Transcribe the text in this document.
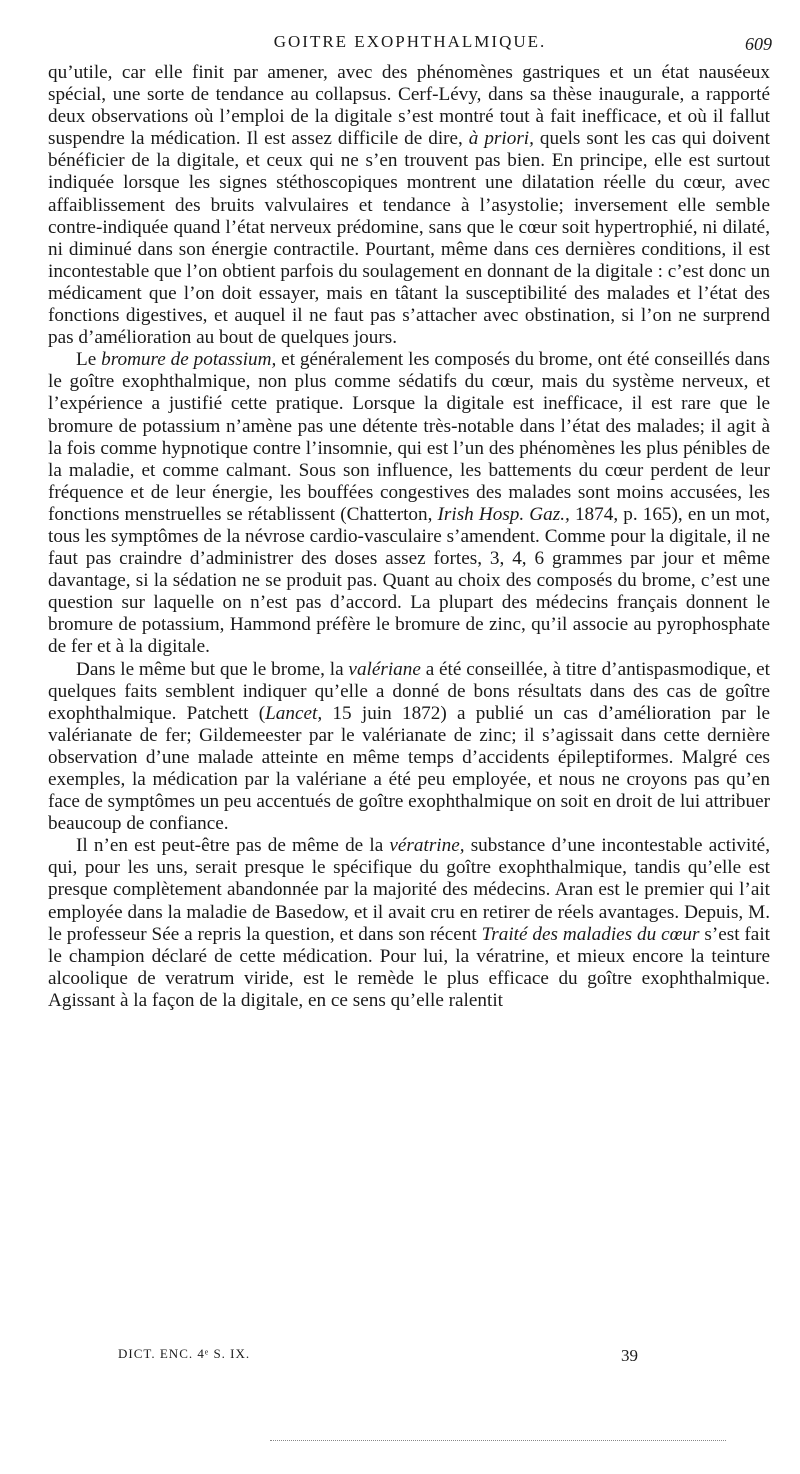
GOITRE EXOPHTHALMIQUE.	609

qu’utile, car elle finit par amener, avec des phénomènes gastriques et un état nauséeux spécial, une sorte de tendance au collapsus. Cerf-Lévy, dans sa thèse inaugurale, a rapporté deux observations où l’emploi de la digitale s’est montré tout à fait inefficace, et où il fallut suspendre la médication. Il est assez difficile de dire, à priori, quels sont les cas qui doivent bénéficier de la digitale, et ceux qui ne s’en trouvent pas bien. En principe, elle est surtout indiquée lorsque les signes stéthoscopiques montrent une dilatation réelle du cœur, avec affaiblissement des bruits valvulaires et tendance à l’asystolie; inversement elle semble contre-indiquée quand l’état nerveux prédomine, sans que le cœur soit hypertrophié, ni dilaté, ni diminué dans son énergie contractile. Pourtant, même dans ces dernières conditions, il est incontestable que l’on obtient parfois du soulagement en donnant de la digitale : c’est donc un médicament que l’on doit essayer, mais en tâtant la susceptibilité des malades et l’état des fonctions digestives, et auquel il ne faut pas s’attacher avec obstination, si l’on ne surprend pas d’amélioration au bout de quelques jours.

Le bromure de potassium, et généralement les composés du brome, ont été conseillés dans le goître exophthalmique, non plus comme sédatifs du cœur, mais du système nerveux, et l’expérience a justifié cette pratique. Lorsque la digitale est inefficace, il est rare que le bromure de potassium n’amène pas une détente très-notable dans l’état des malades; il agit à la fois comme hypnotique contre l’insomnie, qui est l’un des phénomènes les plus pénibles de la maladie, et comme calmant. Sous son influence, les battements du cœur perdent de leur fréquence et de leur énergie, les bouffées congestives des malades sont moins accusées, les fonctions menstruelles se rétablissent (Chatterton, Irish Hosp. Gaz., 1874, p. 165), en un mot, tous les symptômes de la névrose cardio-vasculaire s’amendent. Comme pour la digitale, il ne faut pas craindre d’administrer des doses assez fortes, 3, 4, 6 grammes par jour et même davantage, si la sédation ne se produit pas. Quant au choix des composés du brome, c’est une question sur laquelle on n’est pas d’accord. La plupart des médecins français donnent le bromure de potassium, Hammond préfère le bromure de zinc, qu’il associe au pyrophosphate de fer et à la digitale.

Dans le même but que le brome, la valériane a été conseillée, à titre d’antispasmodique, et quelques faits semblent indiquer qu’elle a donné de bons résultats dans des cas de goître exophthalmique. Patchett (Lancet, 15 juin 1872) a publié un cas d’amélioration par le valérianate de fer; Gildemeester par le valérianate de zinc; il s’agissait dans cette dernière observation d’une malade atteinte en même temps d’accidents épileptiformes. Malgré ces exemples, la médication par la valériane a été peu employée, et nous ne croyons pas qu’en face de symptômes un peu accentués de goître exophthalmique on soit en droit de lui attribuer beaucoup de confiance.

Il n’en est peut-être pas de même de la vératrine, substance d’une incontestable activité, qui, pour les uns, serait presque le spécifique du goître exophthalmique, tandis qu’elle est presque complètement abandonnée par la majorité des médecins. Aran est le premier qui l’ait employée dans la maladie de Basedow, et il avait cru en retirer de réels avantages. Depuis, M. le professeur Sée a repris la question, et dans son récent Traité des maladies du cœur s’est fait le champion déclaré de cette médication. Pour lui, la vératrine, et mieux encore la teinture alcoolique de veratrum viride, est le remède le plus efficace du goître exophthalmique. Agissant à la façon de la digitale, en ce sens qu’elle ralentit

DICT. ENC. 4ᵉ S. IX.	39
